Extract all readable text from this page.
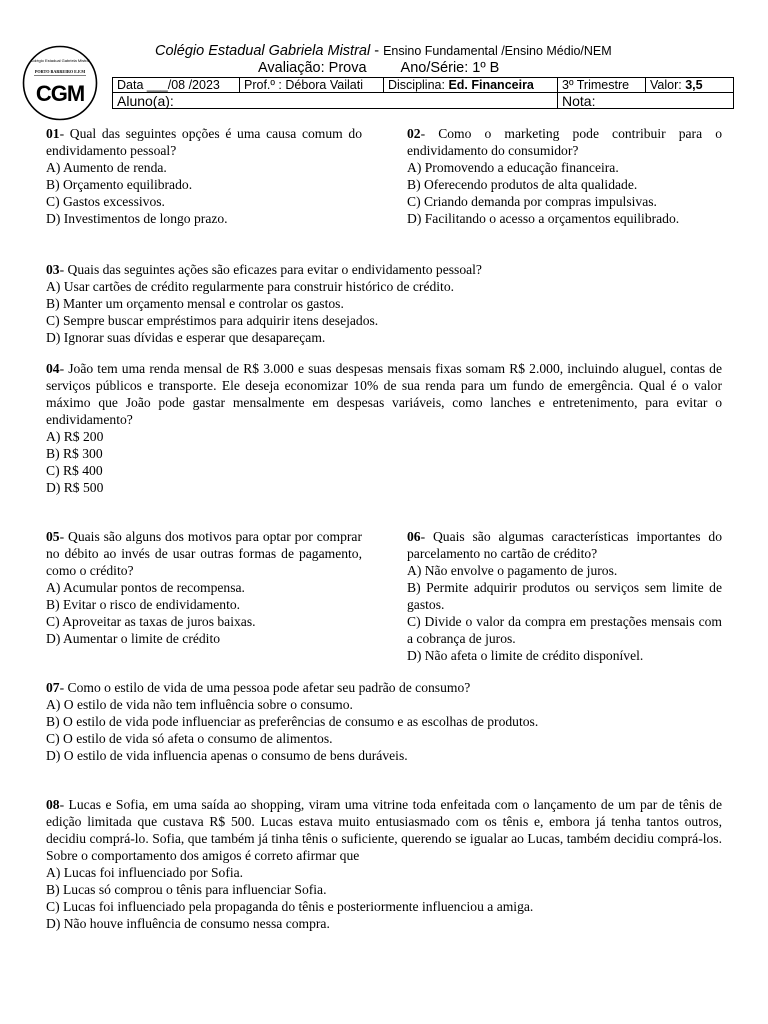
Colégio Estadual Gabriela Mistral
PORTO BARREIRO E.F.M
CGM
Colégio Estadual Gabriela Mistral - Ensino Fundamental /Ensino Médio/NEM
Avaliação: Prova Ano/Série: 1º B
Data ___/08 /2023	Prof.º : Débora Vailati	Disciplina: Ed. Financeira	3º Trimestre	Valor: 3,5
Aluno(a):			Nota:	

01- Qual das seguintes opções é uma causa comum do endividamento pessoal?

A) Aumento de renda.

B) Orçamento equilibrado.

C) Gastos excessivos.

D) Investimentos de longo prazo.

02- Como o marketing pode contribuir para o endividamento do consumidor?

A) Promovendo a educação financeira.

B) Oferecendo produtos de alta qualidade.

C) Criando demanda por compras impulsivas.

D) Facilitando o acesso a orçamentos equilibrado.

03- Quais das seguintes ações são eficazes para evitar o endividamento pessoal?

A) Usar cartões de crédito regularmente para construir histórico de crédito.

B) Manter um orçamento mensal e controlar os gastos.

C) Sempre buscar empréstimos para adquirir itens desejados.

D) Ignorar suas dívidas e esperar que desapareçam.

04- João tem uma renda mensal de R$ 3.000 e suas despesas mensais fixas somam R$ 2.000, incluindo aluguel, contas de serviços públicos e transporte. Ele deseja economizar 10% de sua renda para um fundo de emergência. Qual é o valor máximo que João pode gastar mensalmente em despesas variáveis, como lanches e entretenimento, para evitar o endividamento?

A) R$ 200

B) R$ 300

C) R$ 400

D) R$ 500

05- Quais são alguns dos motivos para optar por comprar no débito ao invés de usar outras formas de pagamento, como o crédito?

A) Acumular pontos de recompensa.

B) Evitar o risco de endividamento.

C) Aproveitar as taxas de juros baixas.

D) Aumentar o limite de crédito

06- Quais são algumas características importantes do parcelamento no cartão de crédito?

A) Não envolve o pagamento de juros.

B) Permite adquirir produtos ou serviços sem limite de gastos.

C) Divide o valor da compra em prestações mensais com a cobrança de juros.

D) Não afeta o limite de crédito disponível.

07- Como o estilo de vida de uma pessoa pode afetar seu padrão de consumo?

A) O estilo de vida não tem influência sobre o consumo.

B) O estilo de vida pode influenciar as preferências de consumo e as escolhas de produtos.

C) O estilo de vida só afeta o consumo de alimentos.

D) O estilo de vida influencia apenas o consumo de bens duráveis.

08- Lucas e Sofia, em uma saída ao shopping, viram uma vitrine toda enfeitada com o lançamento de um par de tênis de edição limitada que custava R$ 500. Lucas estava muito entusiasmado com os tênis e, embora já tenha tantos outros, decidiu comprá-lo. Sofia, que também já tinha tênis o suficiente, querendo se igualar ao Lucas, também decidiu comprá-los. Sobre o comportamento dos amigos é correto afirmar que

A) Lucas foi influenciado por Sofia.

B) Lucas só comprou o tênis para influenciar Sofia.

C) Lucas foi influenciado pela propaganda do tênis e posteriormente influenciou a amiga.

D) Não houve influência de consumo nessa compra.
